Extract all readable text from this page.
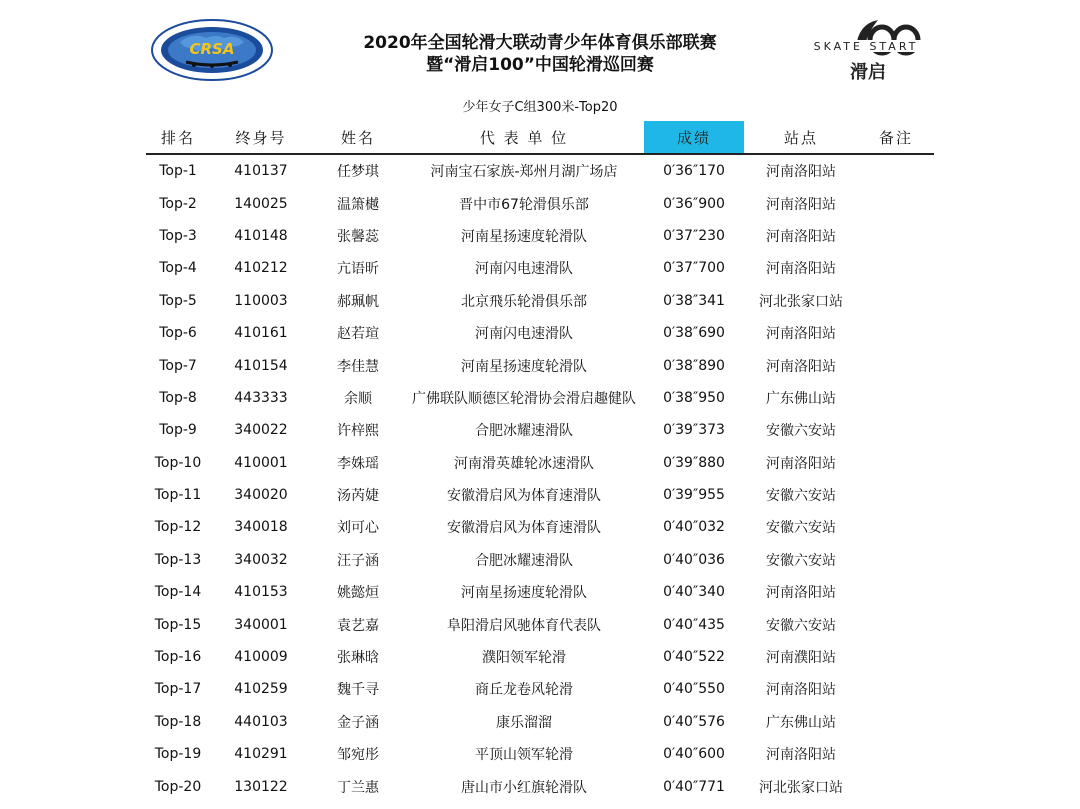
CRSA	2020年全国轮滑大联动青少年体育俱乐部联赛
暨“滑启100”中国轮滑巡回赛
SKATE START
滑启
少年女子C组300米-Top20
排名	终身号	姓名	代 表 单 位	成绩	站点	备注
Top-1	410137	任梦琪	河南宝石家族-郑州月湖广场店	0′36″170	河南洛阳站	
Top-2	140025	温箫樾	晋中市67轮滑俱乐部	0′36″900	河南洛阳站	
Top-3	410148	张馨蕊	河南星扬速度轮滑队	0′37″230	河南洛阳站	
Top-4	410212	亢语昕	河南闪电速滑队	0′37″700	河南洛阳站	
Top-5	110003	郝珮帆	北京飛乐轮滑俱乐部	0′38″341	河北张家口站	
Top-6	410161	赵若瑄	河南闪电速滑队	0′38″690	河南洛阳站	
Top-7	410154	李佳慧	河南星扬速度轮滑队	0′38″890	河南洛阳站	
Top-8	443333	余顺	广佛联队顺德区轮滑协会滑启趣健队	0′38″950	广东佛山站	
Top-9	340022	许梓熙	合肥冰耀速滑队	0′39″373	安徽六安站	
Top-10	410001	李姝瑶	河南滑英雄轮冰速滑队	0′39″880	河南洛阳站	
Top-11	340020	汤芮婕	安徽滑启风为体育速滑队	0′39″955	安徽六安站	
Top-12	340018	刘可心	安徽滑启风为体育速滑队	0′40″032	安徽六安站	
Top-13	340032	汪子涵	合肥冰耀速滑队	0′40″036	安徽六安站	
Top-14	410153	姚懿烜	河南星扬速度轮滑队	0′40″340	河南洛阳站	
Top-15	340001	袁艺嘉	阜阳滑启风驰体育代表队	0′40″435	安徽六安站	
Top-16	410009	张琳晗	濮阳领军轮滑	0′40″522	河南濮阳站	
Top-17	410259	魏千寻	商丘龙卷风轮滑	0′40″550	河南洛阳站	
Top-18	440103	金子涵	康乐溜溜	0′40″576	广东佛山站	
Top-19	410291	邹宛彤	平顶山领军轮滑	0′40″600	河南洛阳站	
Top-20	130122	丁兰惠	唐山市小红旗轮滑队	0′40″771	河北张家口站	
